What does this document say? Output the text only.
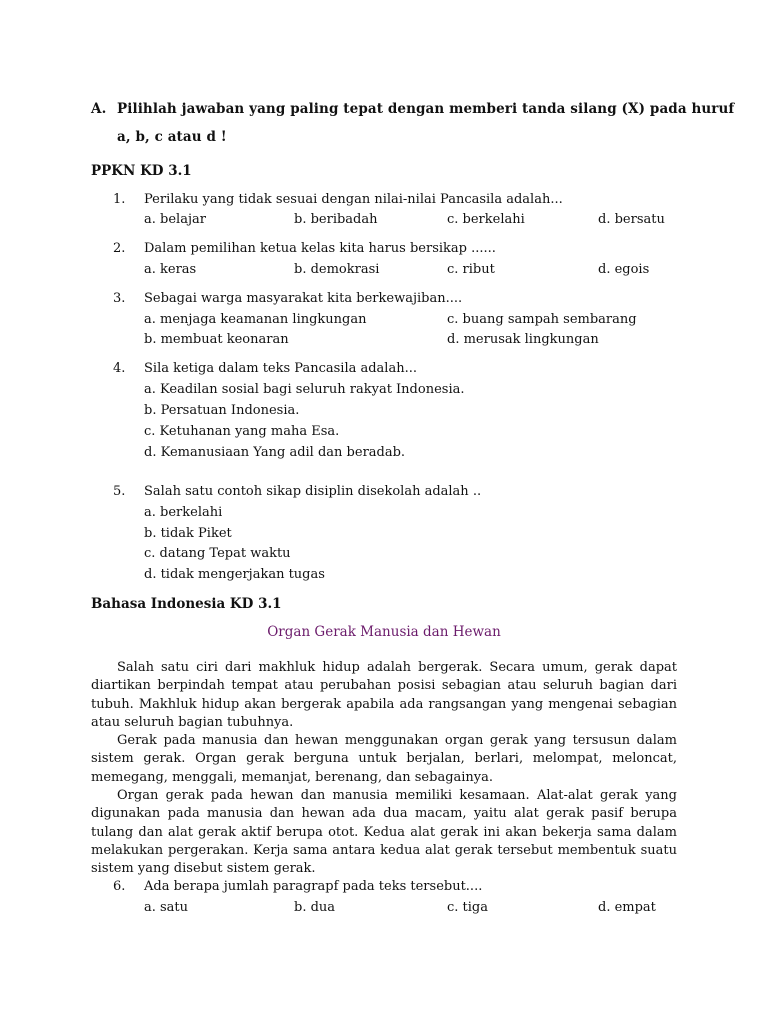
A. Pilihlah jawaban yang paling tepat dengan memberi tanda silang (X) pada huruf
a, b, c atau d !
PPKN KD 3.1
1. Perilaku yang tidak sesuai dengan nilai-nilai Pancasila adalah...
a. belajar	b. beribadah	c. berkelahi	d. bersatu
2. Dalam pemilihan ketua kelas kita harus bersikap ......
a. keras	b. demokrasi	c. ribut	d. egois
3. Sebagai warga masyarakat kita berkewajiban....
a. menjaga keamanan lingkungan	c. buang sampah sembarang
b. membuat keonaran	d. merusak lingkungan
4. Sila ketiga dalam teks Pancasila adalah...
a. Keadilan sosial bagi seluruh rakyat Indonesia.
b. Persatuan Indonesia.
c. Ketuhanan yang maha Esa.
d. Kemanusiaan Yang adil dan beradab.
5. Salah satu contoh sikap disiplin disekolah adalah ..
a. berkelahi
b. tidak Piket
c. datang Tepat waktu
d. tidak mengerjakan tugas
Bahasa Indonesia KD 3.1
Organ Gerak Manusia dan Hewan

Salah satu ciri dari makhluk hidup adalah bergerak. Secara umum, gerak dapat diartikan berpindah tempat atau perubahan posisi sebagian atau seluruh bagian dari tubuh. Makhluk hidup akan bergerak apabila ada rangsangan yang mengenai sebagian atau seluruh bagian tubuhnya.

Gerak pada manusia dan hewan menggunakan organ gerak yang tersusun dalam sistem gerak. Organ gerak berguna untuk berjalan, berlari, melompat, meloncat, memegang, menggali, memanjat, berenang, dan sebagainya.

Organ gerak pada hewan dan manusia memiliki kesamaan. Alat-alat gerak yang digunakan pada manusia dan hewan ada dua macam, yaitu alat gerak pasif berupa tulang dan alat gerak aktif berupa otot. Kedua alat gerak ini akan bekerja sama dalam melakukan pergerakan. Kerja sama antara kedua alat gerak tersebut membentuk suatu sistem yang disebut sistem gerak.

6. Ada berapa jumlah paragrapf pada teks tersebut....
a. satu	b. dua	c. tiga	d. empat
